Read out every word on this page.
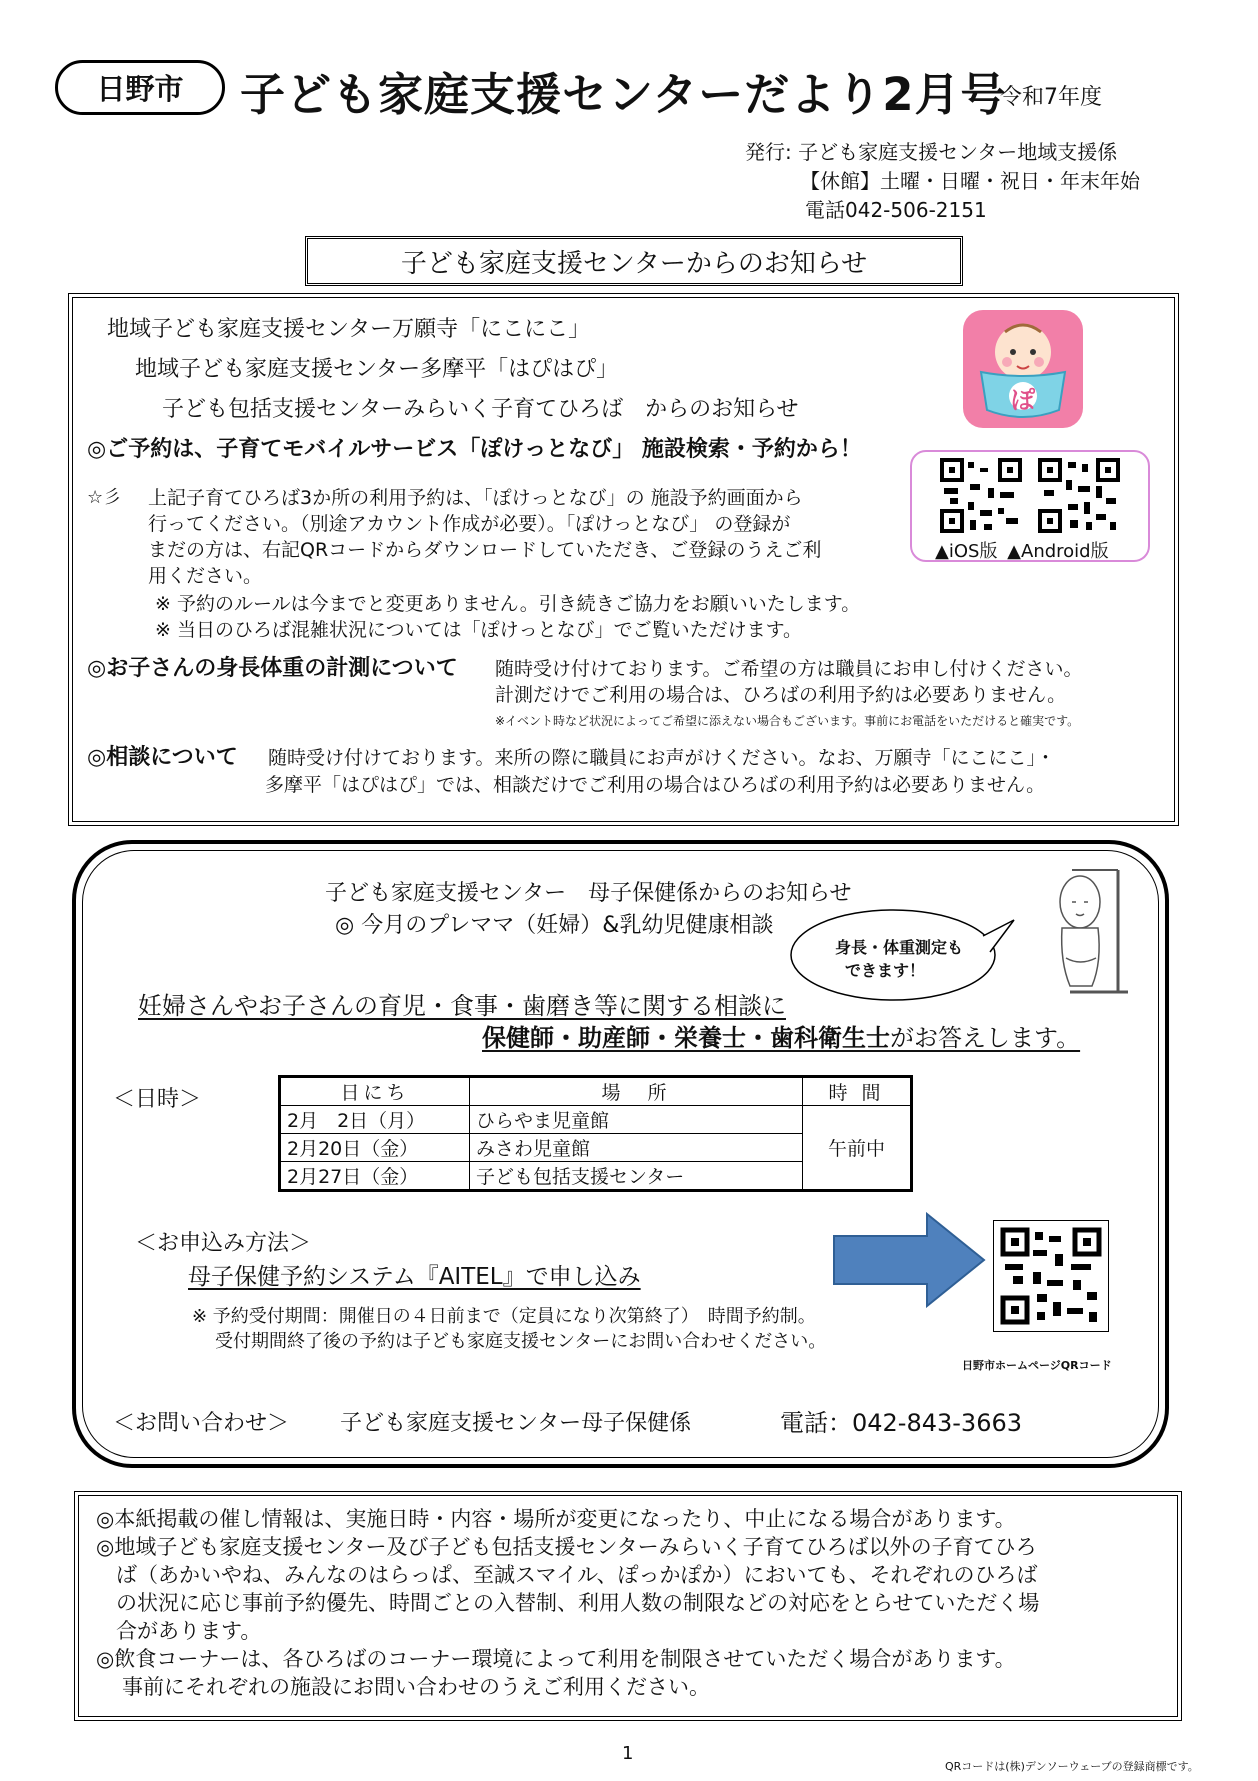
日野市 子ども家庭支援センターだより2月号
令和7年度
発行: 子ども家庭支援センター地域支援係
【休館】土曜・日曜・祝日・年末年始
電話042-506-2151
子ども家庭支援センターからのお知らせ
地域子ども家庭支援センター万願寺「にこにこ」
地域子ども家庭支援センター多摩平「はぴはぴ」
子ども包括支援センターみらいく子育てひろば　からのお知らせ	ぽ
◎ご予約は、子育てモバイルサービス「ぽけっとなび」 施設検索・予約から！
▲iOS版 ▲Android版
☆彡 上記子育てひろば3か所の利用予約は、「ぽけっとなび」の 施設予約画面から
行ってください。（別途アカウント作成が必要）。「ぽけっとなび」 の登録が
まだの方は、右記QRコードからダウンロードしていただき、ご登録のうえご利
用ください。
※ 予約のルールは今までと変更ありません。引き続きご協力をお願いいたします。
※ 当日のひろば混雑状況については「ぽけっとなび」でご覧いただけます。
◎お子さんの身長体重の計測について 随時受け付けております。ご希望の方は職員にお申し付けください。
計測だけでご利用の場合は、ひろばの利用予約は必要ありません。
※イベント時など状況によってご希望に添えない場合もございます。事前にお電話をいただけると確実です。
◎相談について 随時受け付けております。来所の際に職員にお声がけください。なお、万願寺「にこにこ」・
多摩平「はぴはぴ」では、相談だけでご利用の場合はひろばの利用予約は必要ありません。
子ども家庭支援センター　母子保健係からのお知らせ
◎ 今月のプレママ（妊婦）&乳幼児健康相談
身長・体重測定も
できます！
妊婦さんやお子さんの育児・食事・歯磨き等に関する相談に
保健師・助産師・栄養士・歯科衛生士がお答えします。
＜日時＞	日にち	場　所	時 間
2月　2日（月）	ひらやま児童館	午前中
2月20日（金）	みさわ児童館	
2月27日（金）	子ども包括支援センター	
＜お申込み方法＞
母子保健予約システム『AITEL』で申し込み
※ 予約受付期間：開催日の４日前まで（定員になり次第終了）　時間予約制。
受付期間終了後の予約は子ども家庭支援センターにお問い合わせください。
日野市ホームページQRコード
＜お問い合わせ＞ 子ども家庭支援センター母子保健係	電話：042-843-3663
◎本紙掲載の催し情報は、実施日時・内容・場所が変更になったり、中止になる場合があります。
◎地域子ども家庭支援センター及び子ども包括支援センターみらいく子育てひろば以外の子育てひろ
ば（あかいやね、みんなのはらっぱ、至誠スマイル、ぽっかぽか）においても、それぞれのひろば
の状況に応じ事前予約優先、時間ごとの入替制、利用人数の制限などの対応をとらせていただく場
合があります。
◎飲食コーナーは、各ひろばのコーナー環境によって利用を制限させていただく場合があります。
事前にそれぞれの施設にお問い合わせのうえご利用ください。
1
QRコードは(株)デンソーウェーブの登録商標です。
